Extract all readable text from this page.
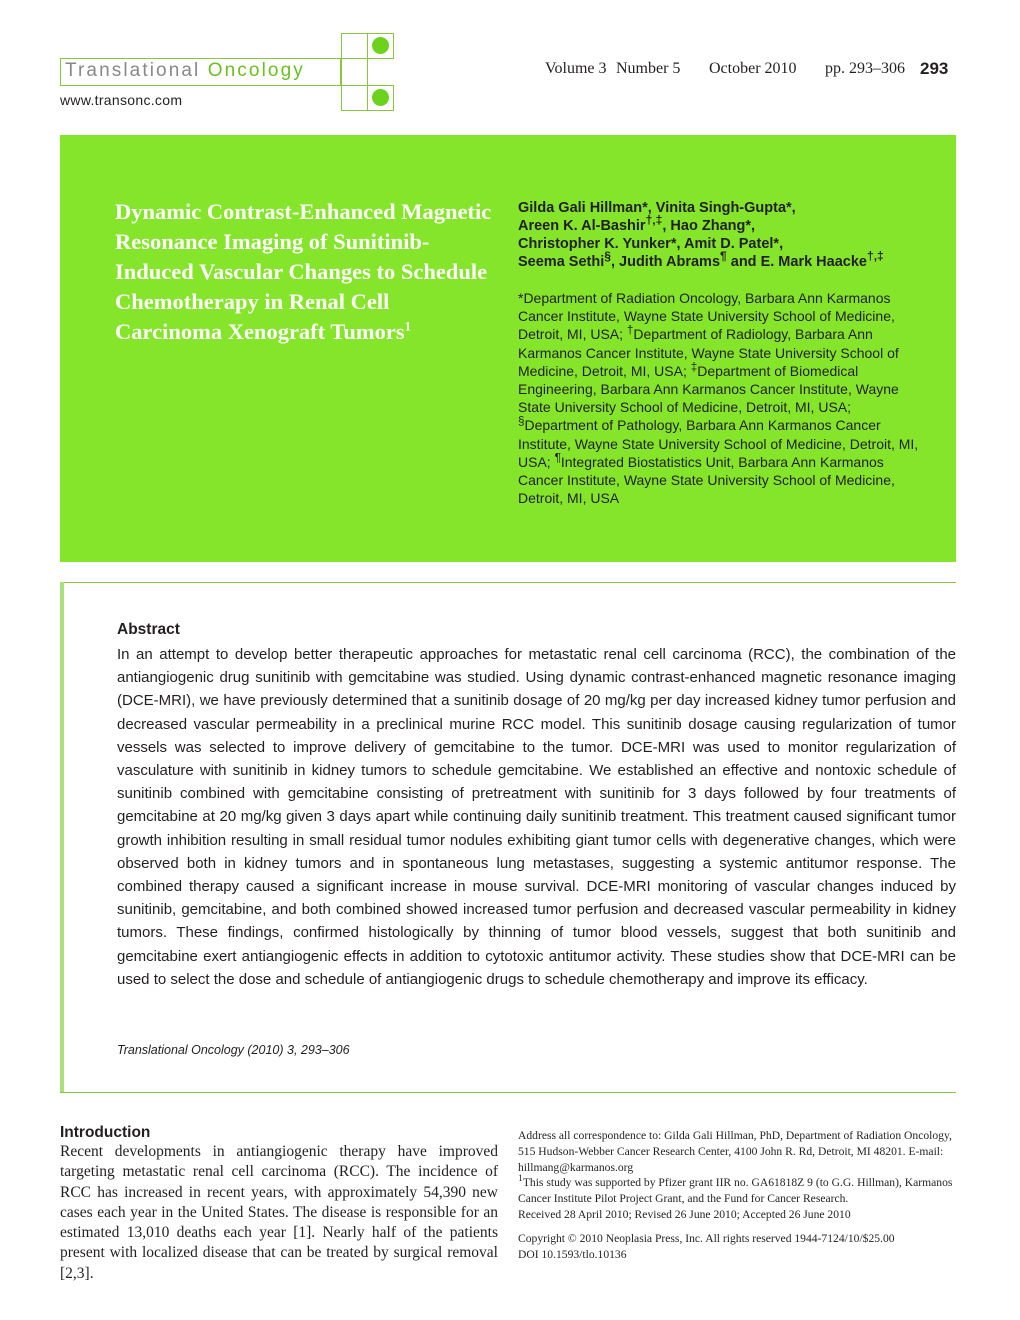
Translational Oncology
www.transonc.com
Volume 3 Number 5 October 2010 pp. 293–306 293
Dynamic Contrast-Enhanced Magnetic Resonance Imaging of Sunitinib-Induced Vascular Changes to Schedule Chemotherapy in Renal Cell Carcinoma Xenograft Tumors$^1$

Gilda Gali Hillman*, Vinita Singh-Gupta*,
Areen K. Al-Bashir†,‡, Hao Zhang*,
Christopher K. Yunker*, Amit D. Patel*,
Seema Sethi§, Judith Abrams¶ and E. Mark Haacke†,‡

*Department of Radiation Oncology, Barbara Ann Karmanos Cancer Institute, Wayne State University School of Medicine, Detroit, MI, USA; †Department of Radiology, Barbara Ann Karmanos Cancer Institute, Wayne State University School of Medicine, Detroit, MI, USA; ‡Department of Biomedical Engineering, Barbara Ann Karmanos Cancer Institute, Wayne State University School of Medicine, Detroit, MI, USA; §Department of Pathology, Barbara Ann Karmanos Cancer Institute, Wayne State University School of Medicine, Detroit, MI, USA; ¶Integrated Biostatistics Unit, Barbara Ann Karmanos Cancer Institute, Wayne State University School of Medicine, Detroit, MI, USA

Abstract

In an attempt to develop better therapeutic approaches for metastatic renal cell carcinoma (RCC), the combination of the antiangiogenic drug sunitinib with gemcitabine was studied. Using dynamic contrast-enhanced magnetic resonance imaging (DCE-MRI), we have previously determined that a sunitinib dosage of 20 mg/kg per day increased kidney tumor perfusion and decreased vascular permeability in a preclinical murine RCC model. This sunitinib dosage causing regularization of tumor vessels was selected to improve delivery of gemcitabine to the tumor. DCE-MRI was used to monitor regularization of vasculature with sunitinib in kidney tumors to schedule gemcitabine. We established an effective and nontoxic schedule of sunitinib combined with gemcitabine consisting of pretreatment with sunitinib for 3 days followed by four treatments of gemcitabine at 20 mg/kg given 3 days apart while continuing daily sunitinib treatment. This treatment caused significant tumor growth inhibition resulting in small residual tumor nodules exhibiting giant tumor cells with degenerative changes, which were observed both in kidney tumors and in spontaneous lung metastases, suggesting a systemic antitumor response. The combined therapy caused a significant increase in mouse survival. DCE-MRI monitoring of vascular changes induced by sunitinib, gemcitabine, and both combined showed increased tumor perfusion and decreased vascular permeability in kidney tumors. These findings, confirmed histologically by thinning of tumor blood vessels, suggest that both sunitinib and gemcitabine exert antiangiogenic effects in addition to cytotoxic antitumor activity. These studies show that DCE-MRI can be used to select the dose and schedule of antiangiogenic drugs to schedule chemotherapy and improve its efficacy.

Translational Oncology (2010) 3, 293–306
Introduction

Recent developments in antiangiogenic therapy have improved targeting metastatic renal cell carcinoma (RCC). The incidence of RCC has increased in recent years, with approximately 54,390 new cases each year in the United States. The disease is responsible for an estimated 13,010 deaths each year [1]. Nearly half of the patients present with localized disease that can be treated by surgical removal [2,3].

Address all correspondence to: Gilda Gali Hillman, PhD, Department of Radiation Oncology, 515 Hudson-Webber Cancer Research Center, 4100 John R. Rd, Detroit, MI 48201. E-mail: hillmang@karmanos.org

$^1$This study was supported by Pfizer grant IIR no. GA61818Z 9 (to G.G. Hillman), Karmanos Cancer Institute Pilot Project Grant, and the Fund for Cancer Research.

Received 28 April 2010; Revised 26 June 2010; Accepted 26 June 2010

Copyright © 2010 Neoplasia Press, Inc. All rights reserved 1944-7124/10/$25.00

DOI 10.1593/tlo.10136
